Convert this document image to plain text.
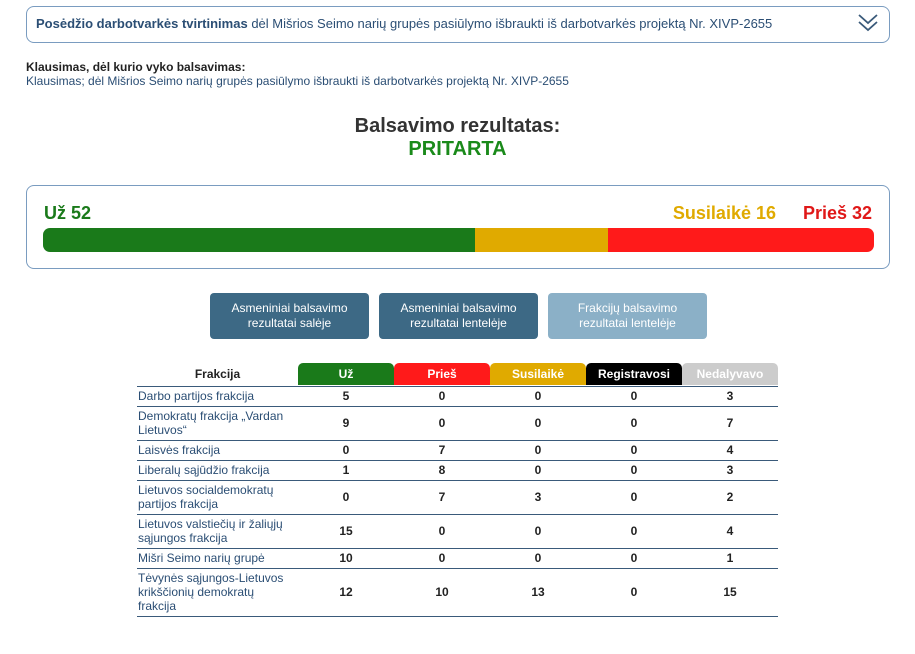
Posėdžio darbotvarkės tvirtinimas dėl Mišrios Seimo narių grupės pasiūlymo išbraukti iš darbotvarkės projektą Nr. XIVP-2655
Klausimas, dėl kurio vyko balsavimas:
Klausimas; dėl Mišrios Seimo narių grupės pasiūlymo išbraukti iš darbotvarkės projektą Nr. XIVP-2655
Balsavimo rezultatas:
PRITARTA
Už 52	Susilaikė 16 Prieš 32
Asmeniniai balsavimo rezultatai salėje
Asmeniniai balsavimo rezultatai lentelėje
Frakcijų balsavimo rezultatai lentelėje
Frakcija	Už	Prieš	Susilaikė	Registravosi	Nedalyvavo

Darbo partijos frakcija	5	0	0	0	3
Demokratų frakcija „Vardan Lietuvos“	9	0	0	0	7
Laisvės frakcija	0	7	0	0	4
Liberalų sąjūdžio frakcija	1	8	0	0	3
Lietuvos socialdemokratų partijos frakcija	0	7	3	0	2
Lietuvos valstiečių ir žaliųjų sąjungos frakcija	15	0	0	0	4
Mišri Seimo narių grupė	10	0	0	0	1
Tėvynės sąjungos-Lietuvos krikščionių demokratų frakcija	12	10	13	0	15
